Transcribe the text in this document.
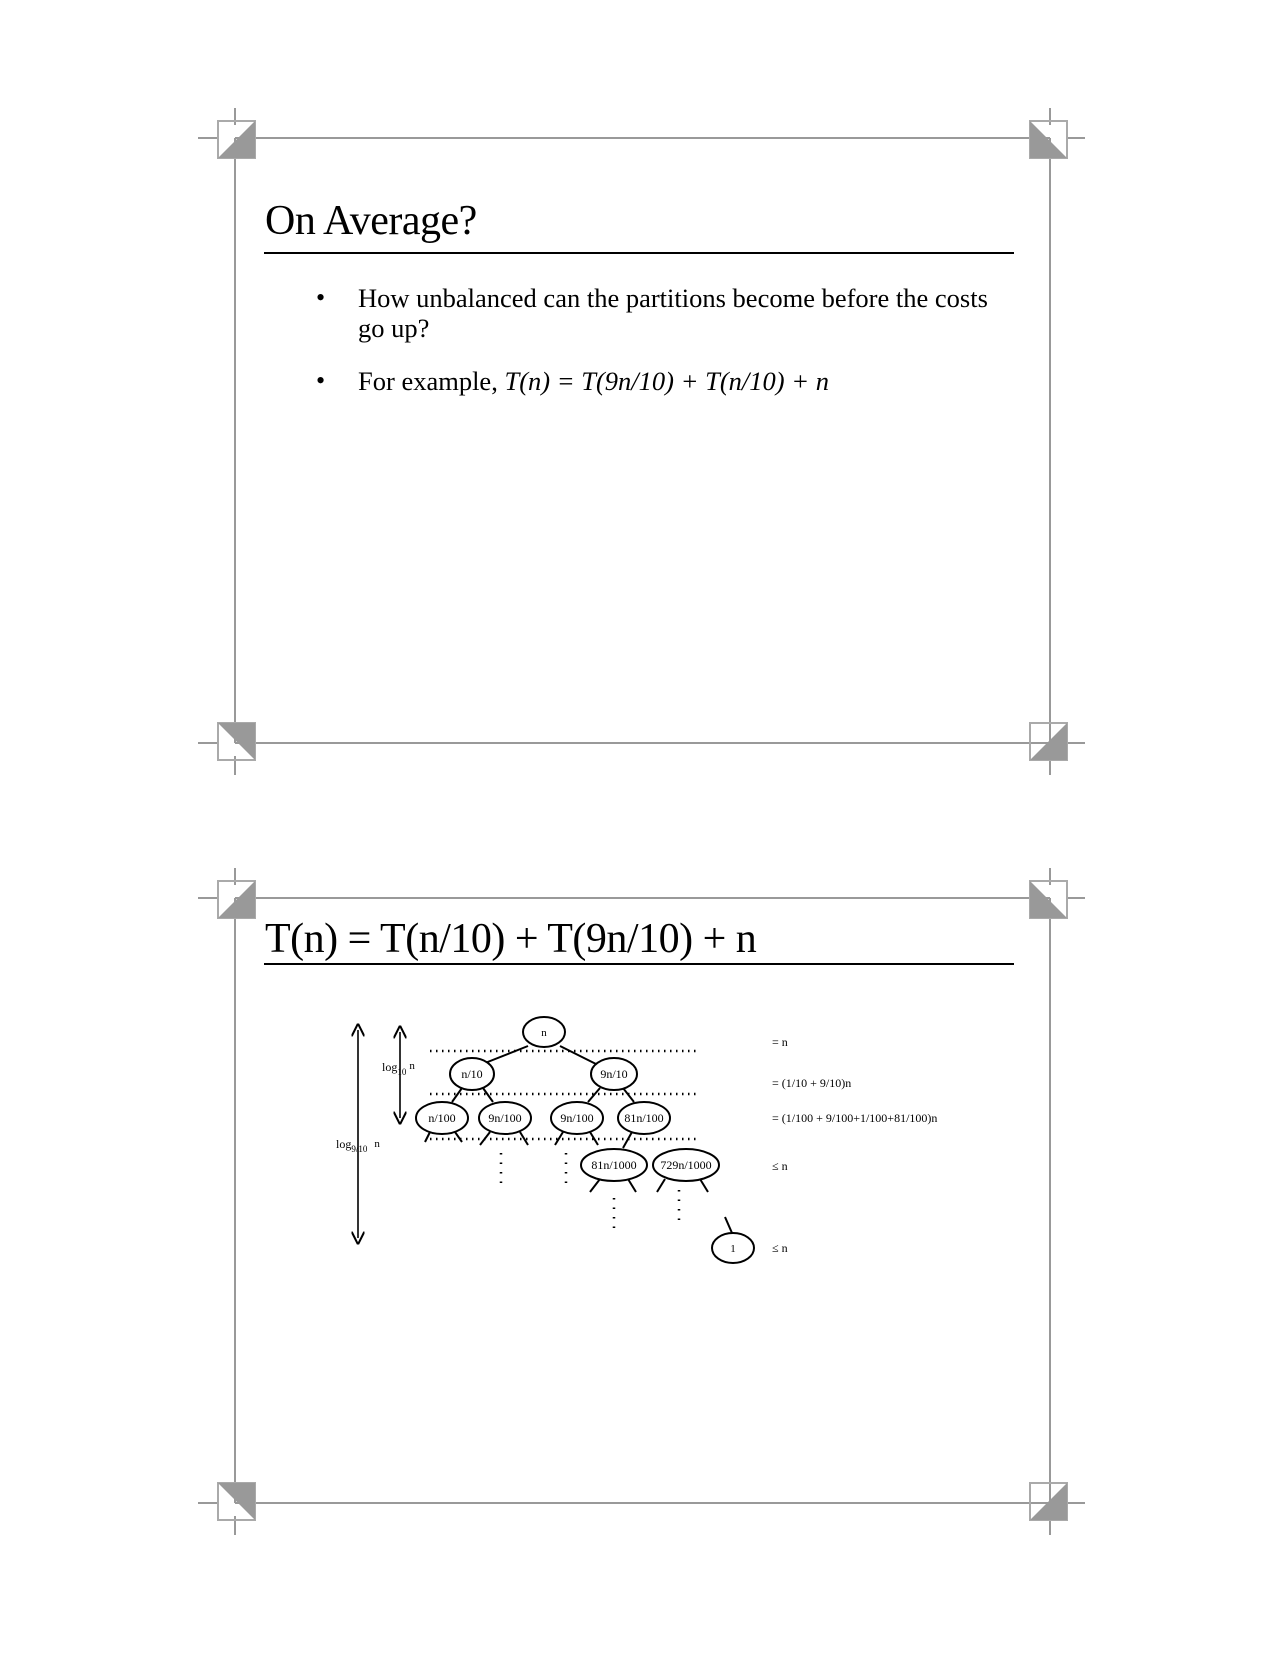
On Average?
• How unbalanced can the partitions become before the costs go up?
• For example, T(n) = T(9n/10) + T(n/10) + n
T(n) = T(n/10) + T(9n/10) + n
$\log_{10} n$
$\log_{9/10} n$
n
n/10	9n/10
n/100	9n/100	9n/100	81n/100
81n/1000 729n/1000
1
= n
= (1/10 + 9/10)n
= (1/100 + 9/100+1/100+81/100)n
≤ n
≤ n
